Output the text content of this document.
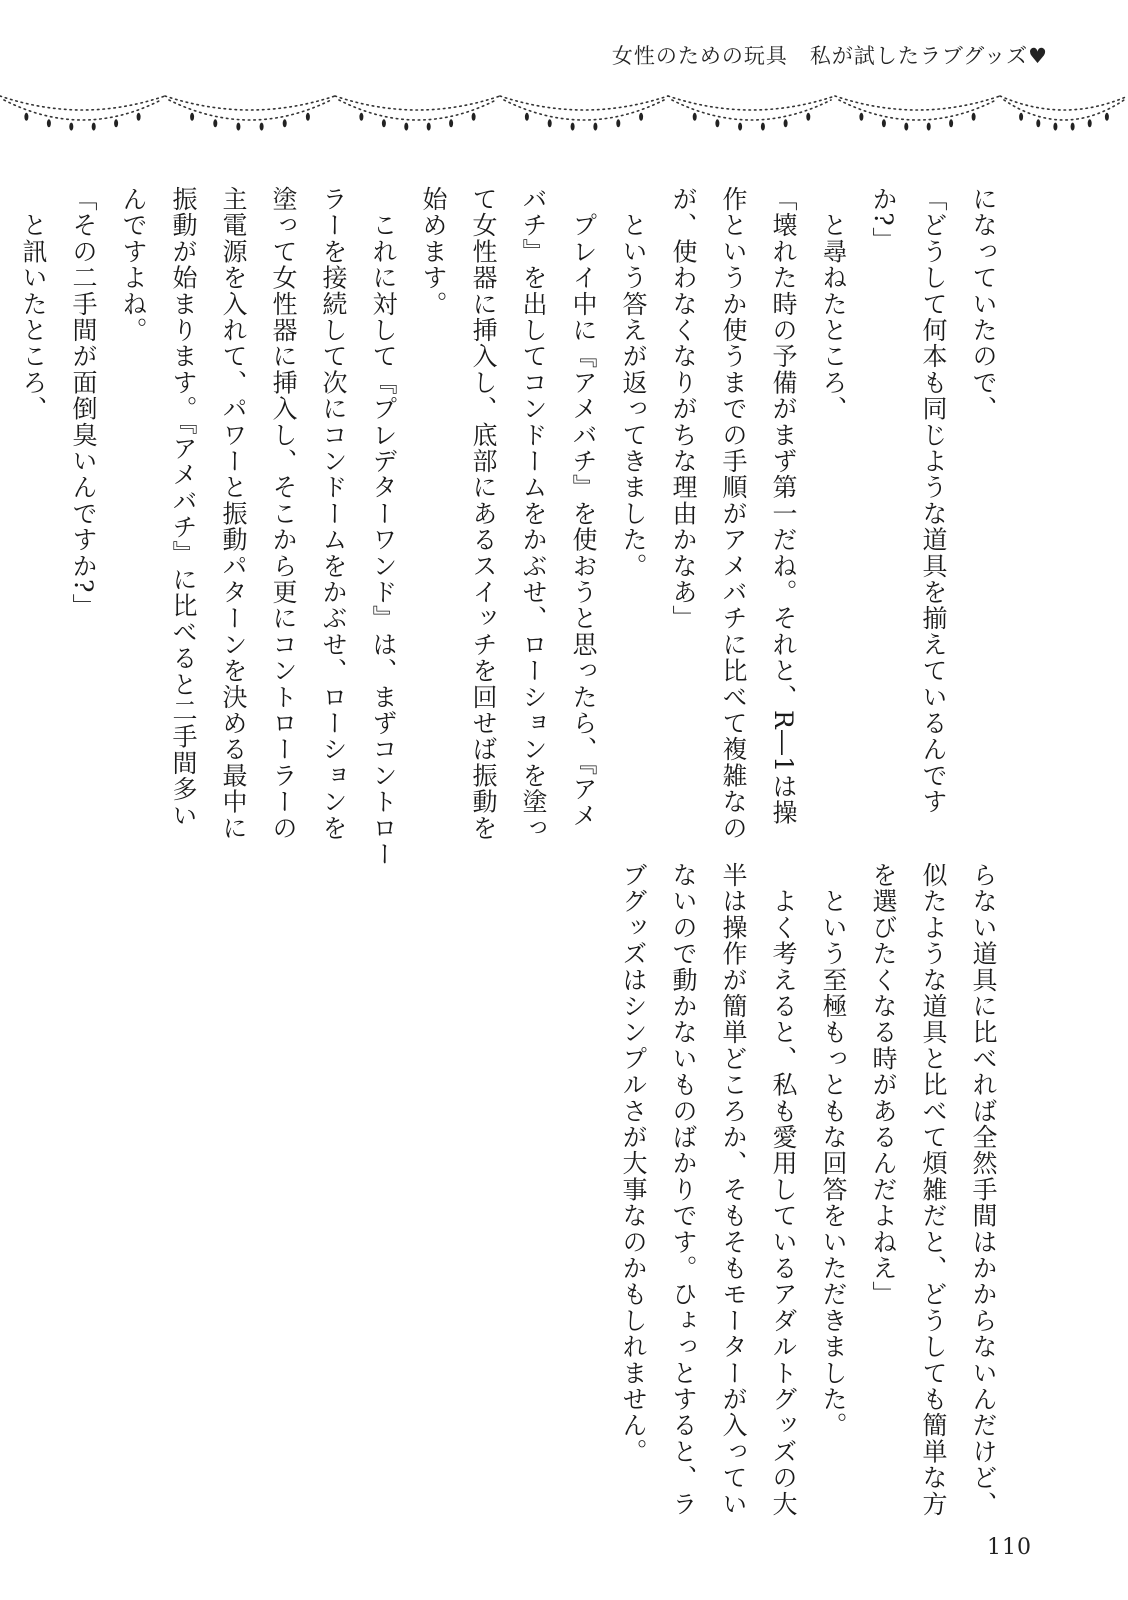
女性のための玩具　私が試したラブグッズ♥
になっていたので、
「どうして何本も同じような道具を揃えているんです
か?」
　と尋ねたところ、
「壊れた時の予備がまず第一だね。それと、R―1は操
作というか使うまでの手順がアメバチに比べて複雑なの
が、使わなくなりがちな理由かなあ」
　という答えが返ってきました。
　プレイ中に『アメバチ』を使おうと思ったら、『アメ
バチ』を出してコンドームをかぶせ、ローションを塗っ
て女性器に挿入し、底部にあるスイッチを回せば振動を
始めます。
　これに対して『プレデターワンド』は、まずコントロー
ラーを接続して次にコンドームをかぶせ、ローションを
塗って女性器に挿入し、そこから更にコントローラーの
主電源を入れて、パワーと振動パターンを決める最中に
振動が始まります。『アメバチ』に比べると二手間多い
んですよね。
「その二手間が面倒臭いんですか?」
　と訊いたところ、
らない道具に比べれば全然手間はかからないんだけど、
似たような道具と比べて煩雑だと、どうしても簡単な方
を選びたくなる時があるんだよねえ」
　という至極もっともな回答をいただきました。
　よく考えると、私も愛用しているアダルトグッズの大
半は操作が簡単どころか、そもそもモーターが入ってい
ないので動かないものばかりです。ひょっとすると、ラ
ブグッズはシンプルさが大事なのかもしれません。
110
